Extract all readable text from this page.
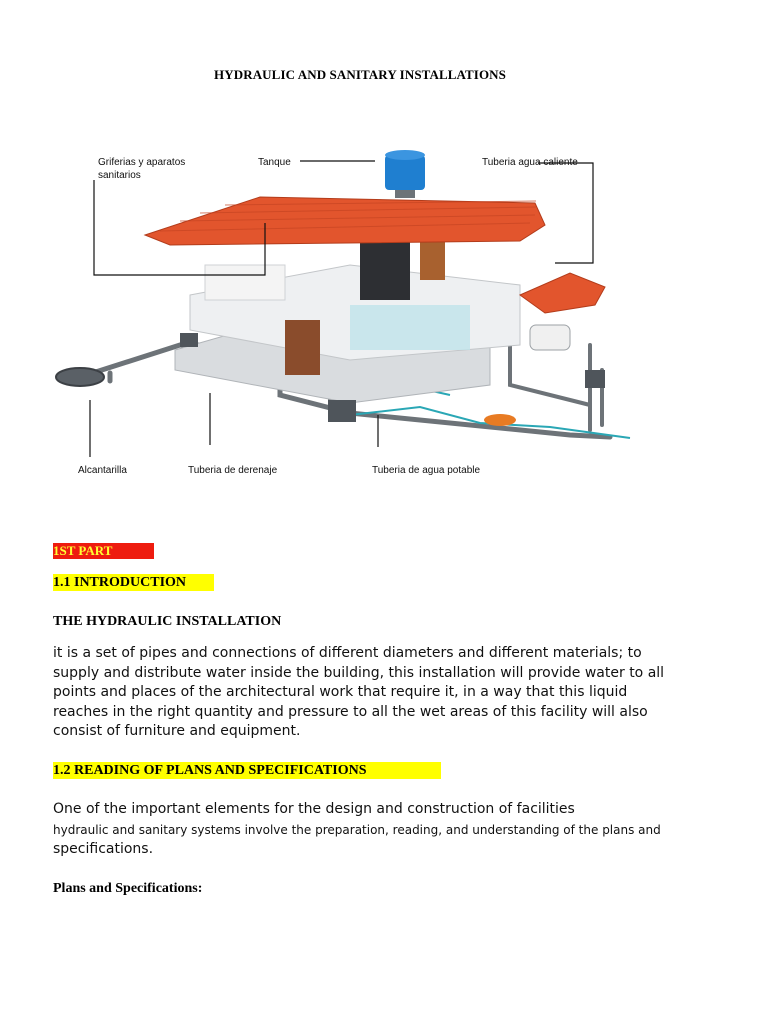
HYDRAULIC AND SANITARY INSTALLATIONS
Griferias y aparatos
sanitarios
Tanque	Tuberia agua caliente
Alcantarilla	Tuberia de derenaje	Tuberia de agua potable
1ST PART
1.1 INTRODUCTION
THE HYDRAULIC INSTALLATION
it is a set of pipes and connections of different diameters and different materials; to supply and distribute water inside the building, this installation will provide water to all points and places of the architectural work that require it, in a way that this liquid reaches in the right quantity and pressure to all the wet areas of this facility will also consist of furniture and equipment.
1.2 READING OF PLANS AND SPECIFICATIONS
One of the important elements for the design and construction of facilities
hydraulic and sanitary systems involve the preparation, reading, and understanding of the plans and
specifications.
Plans and Specifications:
